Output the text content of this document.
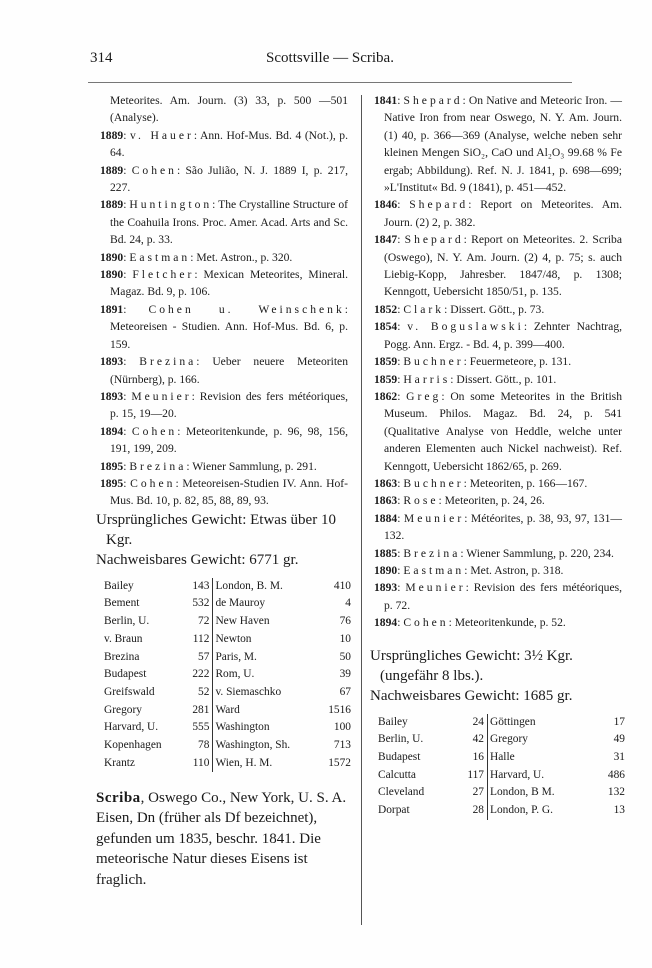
314	Scottsville — Scriba.

Meteorites. Am. Journ. (3) 33, p. 500 —501 (Analyse).

1889: v. Hauer: Ann. Hof-Mus. Bd. 4 (Not.), p. 64.

1889: Cohen: São Julião, N. J. 1889 I, p. 217, 227.

1889: Huntington: The Crystalline Structure of the Coahuila Irons. Proc. Amer. Acad. Arts and Sc. Bd. 24, p. 33.

1890: Eastman: Met. Astron., p. 320.

1890: Fletcher: Mexican Meteorites, Mineral. Magaz. Bd. 9, p. 106.

1891: Cohen u. Weinschenk: Meteoreisen - Studien. Ann. Hof-Mus. Bd. 6, p. 159.

1893: Brezina: Ueber neuere Meteoriten (Nürnberg), p. 166.

1893: Meunier: Revision des fers météoriques, p. 15, 19—20.

1894: Cohen: Meteoritenkunde, p. 96, 98, 156, 191, 199, 209.

1895: Brezina: Wiener Sammlung, p. 291.

1895: Cohen: Meteoreisen-Studien IV. Ann. Hof-Mus. Bd. 10, p. 82, 85, 88, 89, 93.

Ursprüngliches Gewicht: Etwas über 10 Kgr.

Nachweisbares Gewicht: 6771 gr.

Bailey	143	London, B. M.	410
Bement	532	de Mauroy	4
Berlin, U.	72	New Haven	76
v. Braun	112	Newton	10
Brezina	57	Paris, M.	50
Budapest	222	Rom, U.	39
Greifswald	52	v. Siemaschko	67
Gregory	281	Ward	1516
Harvard, U.	555	Washington	100
Kopenhagen	78	Washington, Sh.	713
Krantz	110	Wien, H. M.	1572

Scriba, Oswego Co., New York, U. S. A.

Eisen, Dn (früher als Df bezeichnet), gefunden um 1835, beschr. 1841. Die meteorische Natur dieses Eisens ist fraglich.

1841: Shepard: On Native and Meteoric Iron. — Native Iron from near Oswego, N. Y. Am. Journ. (1) 40, p. 366—369 (Analyse, welche neben sehr kleinen Mengen SiO₂, CaO und Al₂O₃ 99.68 % Fe ergab; Abbildung). Ref. N. J. 1841, p. 698—699; »L'Institut« Bd. 9 (1841), p. 451—452.

1846: Shepard: Report on Meteorites. Am. Journ. (2) 2, p. 382.

1847: Shepard: Report on Meteorites. 2. Scriba (Oswego), N. Y. Am. Journ. (2) 4, p. 75; s. auch Liebig-Kopp, Jahresber. 1847/48, p. 1308; Kenngott, Uebersicht 1850/51, p. 135.

1852: Clark: Dissert. Gött., p. 73.

1854: v. Boguslawski: Zehnter Nachtrag, Pogg. Ann. Ergz. - Bd. 4, p. 399—400.

1859: Buchner: Feuermeteore, p. 131.

1859: Harris: Dissert. Gött., p. 101.

1862: Greg: On some Meteorites in the British Museum. Philos. Magaz. Bd. 24, p. 541 (Qualitative Analyse von Heddle, welche unter anderen Elementen auch Nickel nachweist). Ref. Kenngott, Uebersicht 1862/65, p. 269.

1863: Buchner: Meteoriten, p. 166—167.

1863: Rose: Meteoriten, p. 24, 26.

1884: Meunier: Météorites, p. 38, 93, 97, 131—132.

1885: Brezina: Wiener Sammlung, p. 220, 234.

1890: Eastman: Met. Astron, p. 318.

1893: Meunier: Revision des fers météoriques, p. 72.

1894: Cohen: Meteoritenkunde, p. 52.

Ursprüngliches Gewicht: 3½ Kgr. (ungefähr 8 lbs.).

Nachweisbares Gewicht: 1685 gr.

Bailey	24	Göttingen	17
Berlin, U.	42	Gregory	49
Budapest	16	Halle	31
Calcutta	117	Harvard, U.	486
Cleveland	27	London, B M.	132
Dorpat	28	London, P. G.	13
